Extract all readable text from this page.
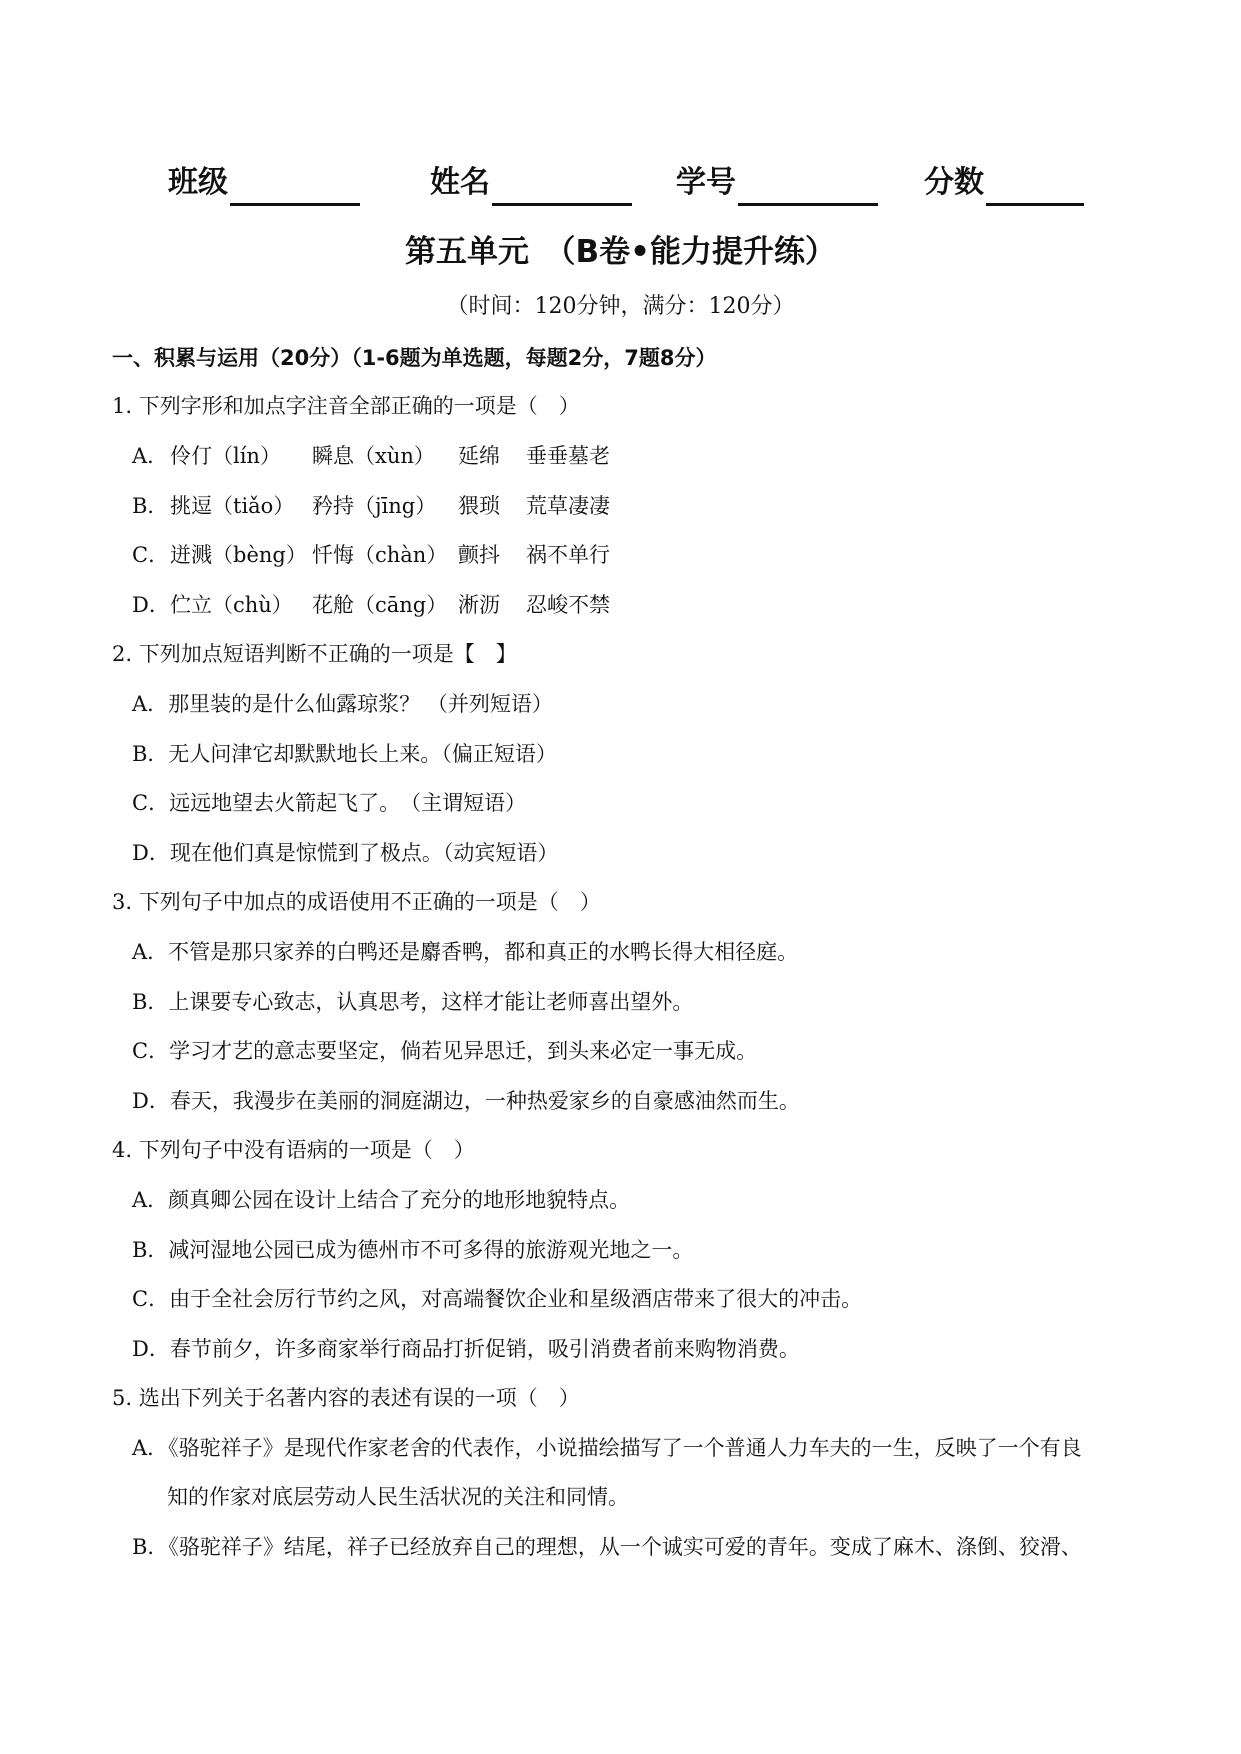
班级	姓名	学号	分数
第五单元　（B卷•能力提升练）
（时间：120分钟，满分：120分）
一、积累与运用（20分）（1-6题为单选题，每题2分，7题8分）
1. 下列字形和加点字注音全部正确的一项是（　）
A． 伶仃（lín） 瞬息（xùn） 延绵 垂垂墓老
B． 挑逗（tiǎo） 矜持（jīng） 猥琐 荒草凄凄
C． 迸溅（bèng） 忏悔（chàn） 颤抖 祸不单行
D． 伫立（chù） 花舱（cāng） 淅沥 忍峻不禁
2. 下列加点短语判断不正确的一项是【　】
A．那里装的是什么仙露琼浆？ （并列短语）
B．无人问津它却默默地长上来。（偏正短语）
C．远远地望去火箭起飞了。　（主谓短语）
D．现在他们真是惊慌到了极点。（动宾短语）
3. 下列句子中加点的成语使用不正确的一项是（　）
A．不管是那只家养的白鸭还是麝香鸭，都和真正的水鸭长得大相径庭。
B．上课要专心致志，认真思考，这样才能让老师喜出望外。
C．学习才艺的意志要坚定，倘若见异思迁，到头来必定一事无成。
D．春天，我漫步在美丽的洞庭湖边，一种热爱家乡的自豪感油然而生。
4. 下列句子中没有语病的一项是（　）
A．颜真卿公园在设计上结合了充分的地形地貌特点。
B．减河湿地公园已成为德州市不可多得的旅游观光地之一。
C．由于全社会厉行节约之风，对高端餐饮企业和星级酒店带来了很大的冲击。
D．春节前夕，许多商家举行商品打折促销，吸引消费者前来购物消费。
5. 选出下列关于名著内容的表述有误的一项（　）
A．《骆驼祥子》是现代作家老舍的代表作，小说描绘描写了一个普通人力车夫的一生，反映了一个有良
知的作家对底层劳动人民生活状况的关注和同情。
B．《骆驼祥子》结尾，祥子已经放弃自己的理想，从一个诚实可爱的青年。变成了麻木、涤倒、狡滑、
